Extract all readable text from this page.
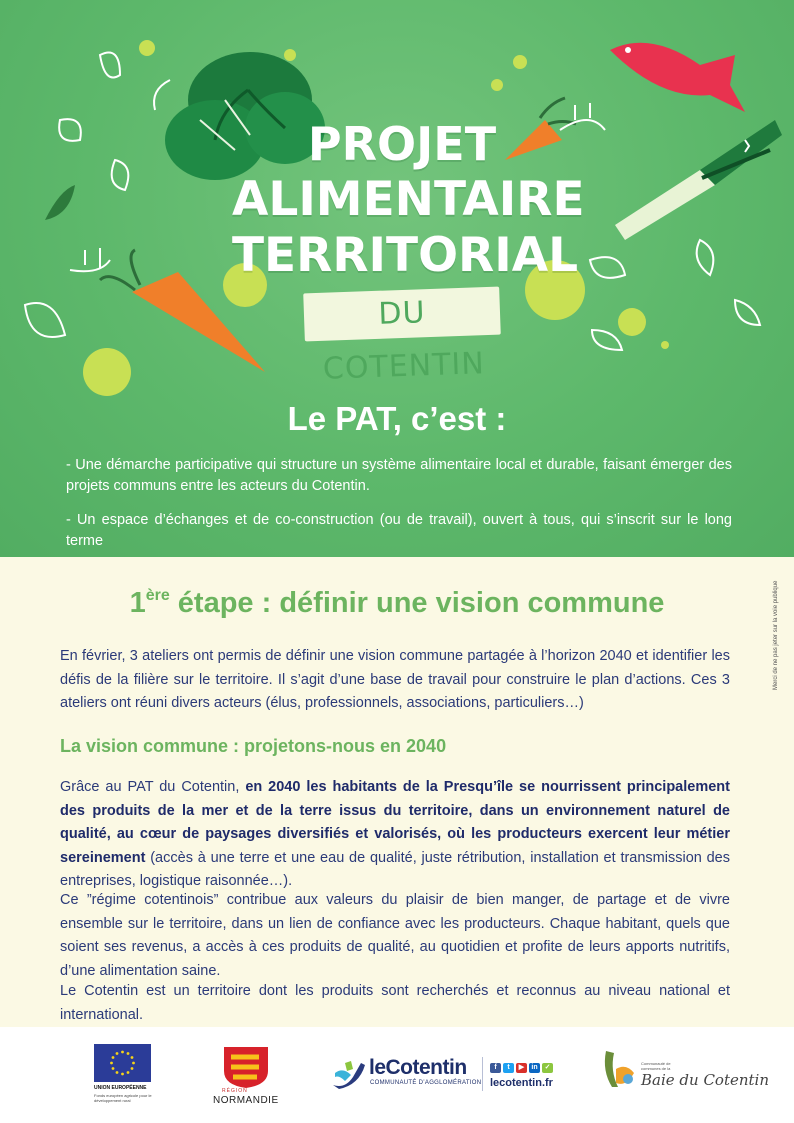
PROJET
ALIMENTAIRE
TERRITORIAL
DU COTENTIN
Le PAT, c’est :

- Une démarche participative qui structure un système alimentaire local et durable, faisant émerger des projets communs entre les acteurs du Cotentin.

- Un espace d’échanges et de co-construction (ou de travail), ouvert à tous, qui s’inscrit sur le long terme

Merci de ne pas jeter sur la voie publique
1ère étape : définir une vision commune

En février, 3 ateliers ont permis de définir une vision commune partagée à l’horizon 2040 et identifier les défis de la filière sur le territoire. Il s’agit d’une base de travail pour construire le plan d’actions. Ces 3 ateliers ont réuni divers acteurs (élus, professionnels, associations, particuliers…)

La vision commune : projetons-nous en 2040

Grâce au PAT du Cotentin, en 2040 les habitants de la Presqu’île se nourrissent principalement des produits de la mer et de la terre issus du territoire, dans un environnement naturel de qualité, au cœur de paysages diversifiés et valorisés, où les producteurs exercent leur métier sereinement (accès à une terre et une eau de qualité, juste rétribution, installation et transmission des entreprises, logistique raisonnée…).

Ce ”régime cotentinois” contribue aux valeurs du plaisir de bien manger, de partage et de vivre ensemble sur le territoire, dans un lien de confiance avec les producteurs. Chaque habitant, quels que soient ses revenus, a accès à ces produits de qualité, au quotidien et profite de leurs apports nutritifs, d’une alimentation saine.

Le Cotentin est un territoire dont les produits sont recherchés et reconnus au niveau national et international.

UNION EUROPÉENNE
Fonds européen agricole pour le développement rural
RÉGION
NORMANDIE
leCotentin
COMMUNAUTÉ D’AGGLOMÉRATION
f	t	▶	in ✓
lecotentin.fr
Communauté de communes de la
Baie du Cotentin
